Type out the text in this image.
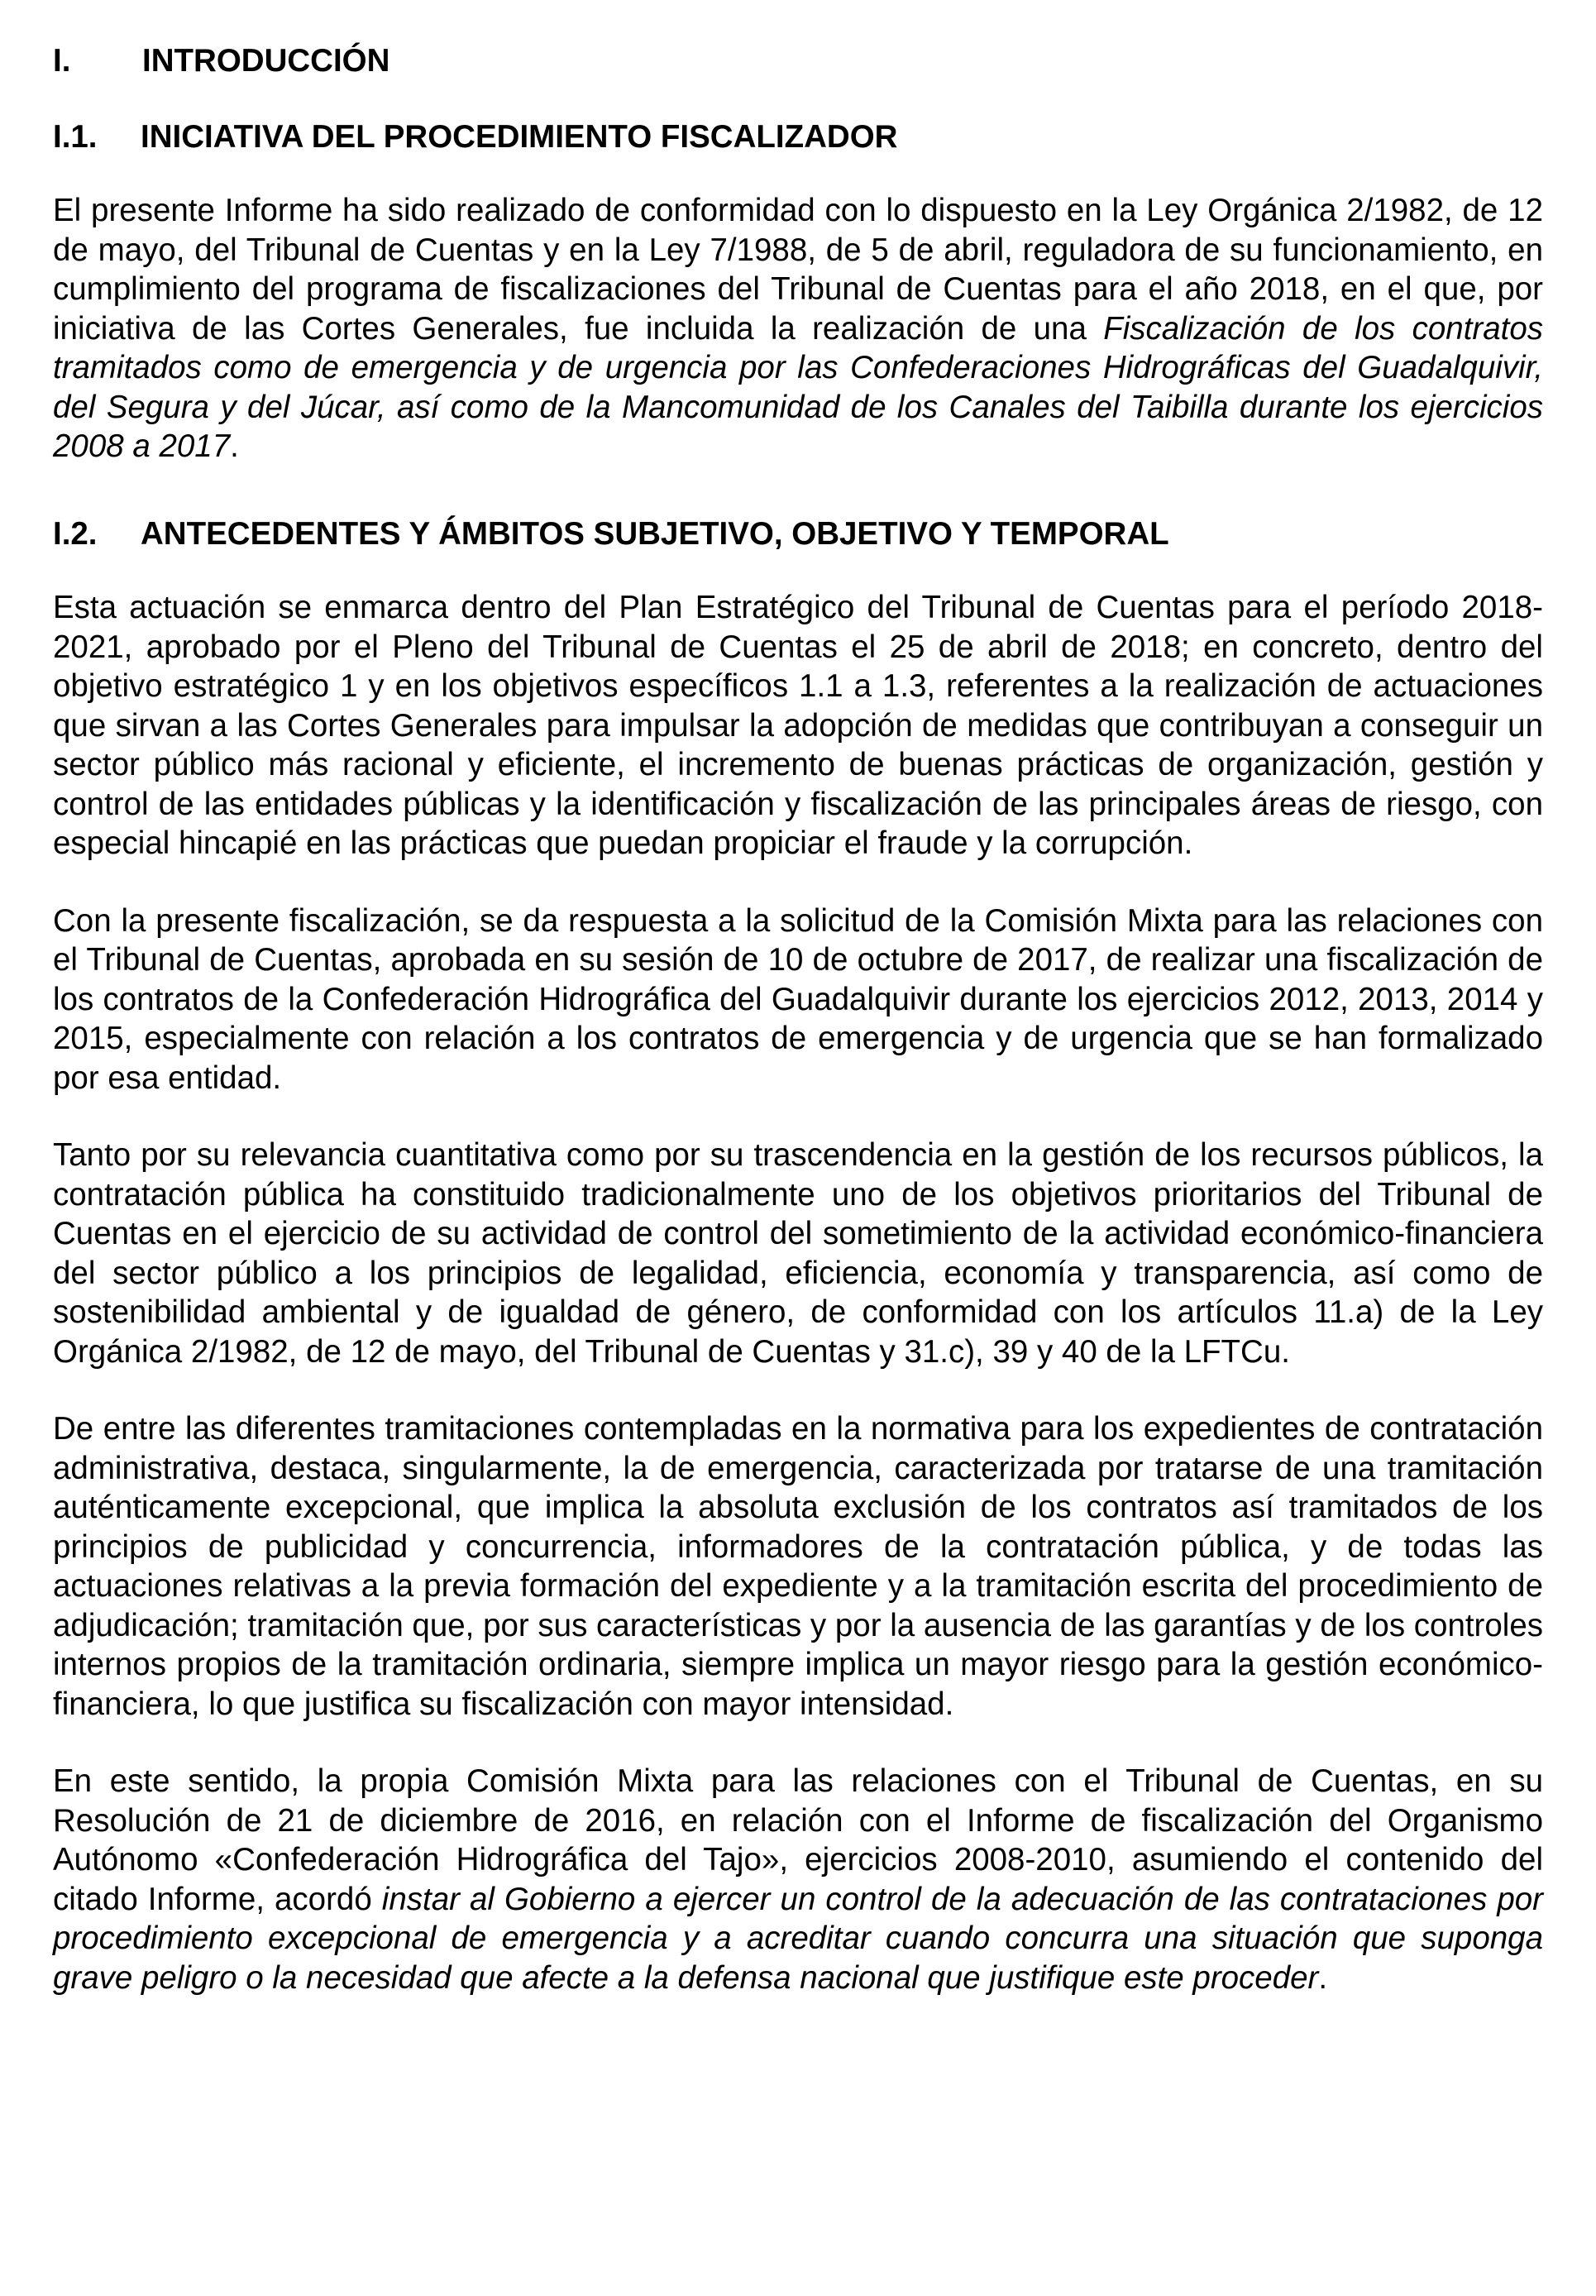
I. INTRODUCCIÓN
I.1. INICIATIVA DEL PROCEDIMIENTO FISCALIZADOR

El presente Informe ha sido realizado de conformidad con lo dispuesto en la Ley Orgánica 2/1982, de 12 de mayo, del Tribunal de Cuentas y en la Ley 7/1988, de 5 de abril, reguladora de su funcionamiento, en cumplimiento del programa de fiscalizaciones del Tribunal de Cuentas para el año 2018, en el que, por iniciativa de las Cortes Generales, fue incluida la realización de una Fiscalización de los contratos tramitados como de emergencia y de urgencia por las Confederaciones Hidrográficas del Guadalquivir, del Segura y del Júcar, así como de la Mancomunidad de los Canales del Taibilla durante los ejercicios 2008 a 2017.

I.2. ANTECEDENTES Y ÁMBITOS SUBJETIVO, OBJETIVO Y TEMPORAL

Esta actuación se enmarca dentro del Plan Estratégico del Tribunal de Cuentas para el período 2018-2021, aprobado por el Pleno del Tribunal de Cuentas el 25 de abril de 2018; en concreto, dentro del objetivo estratégico 1 y en los objetivos específicos 1.1 a 1.3, referentes a la realización de actuaciones que sirvan a las Cortes Generales para impulsar la adopción de medidas que contribuyan a conseguir un sector público más racional y eficiente, el incremento de buenas prácticas de organización, gestión y control de las entidades públicas y la identificación y fiscalización de las principales áreas de riesgo, con especial hincapié en las prácticas que puedan propiciar el fraude y la corrupción.

Con la presente fiscalización, se da respuesta a la solicitud de la Comisión Mixta para las relaciones con el Tribunal de Cuentas, aprobada en su sesión de 10 de octubre de 2017, de realizar una fiscalización de los contratos de la Confederación Hidrográfica del Guadalquivir durante los ejercicios 2012, 2013, 2014 y 2015, especialmente con relación a los contratos de emergencia y de urgencia que se han formalizado por esa entidad.

Tanto por su relevancia cuantitativa como por su trascendencia en la gestión de los recursos públicos, la contratación pública ha constituido tradicionalmente uno de los objetivos prioritarios del Tribunal de Cuentas en el ejercicio de su actividad de control del sometimiento de la actividad económico-financiera del sector público a los principios de legalidad, eficiencia, economía y transparencia, así como de sostenibilidad ambiental y de igualdad de género, de conformidad con los artículos 11.a) de la Ley Orgánica 2/1982, de 12 de mayo, del Tribunal de Cuentas y 31.c), 39 y 40 de la LFTCu.

De entre las diferentes tramitaciones contempladas en la normativa para los expedientes de contratación administrativa, destaca, singularmente, la de emergencia, caracterizada por tratarse de una tramitación auténticamente excepcional, que implica la absoluta exclusión de los contratos así tramitados de los principios de publicidad y concurrencia, informadores de la contratación pública, y de todas las actuaciones relativas a la previa formación del expediente y a la tramitación escrita del procedimiento de adjudicación; tramitación que, por sus características y por la ausencia de las garantías y de los controles internos propios de la tramitación ordinaria, siempre implica un mayor riesgo para la gestión económico-financiera, lo que justifica su fiscalización con mayor intensidad.

En este sentido, la propia Comisión Mixta para las relaciones con el Tribunal de Cuentas, en su Resolución de 21 de diciembre de 2016, en relación con el Informe de fiscalización del Organismo Autónomo «Confederación Hidrográfica del Tajo», ejercicios 2008-2010, asumiendo el contenido del citado Informe, acordó instar al Gobierno a ejercer un control de la adecuación de las contrataciones por procedimiento excepcional de emergencia y a acreditar cuando concurra una situación que suponga grave peligro o la necesidad que afecte a la defensa nacional que justifique este proceder.
